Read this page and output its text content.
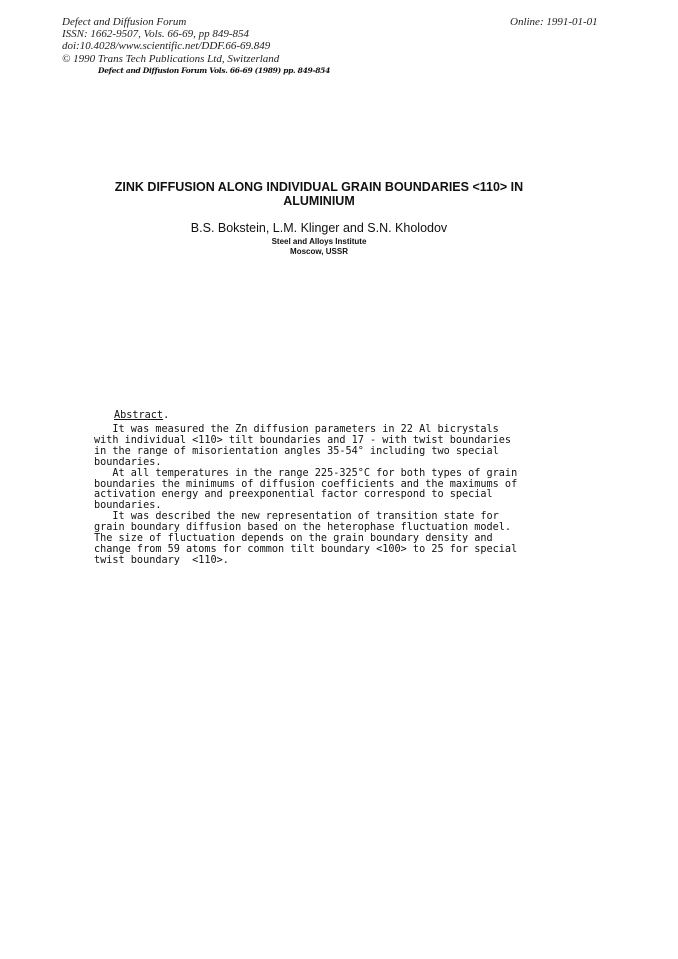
Defect and Diffusion Forum
ISSN: 1662-9507, Vols. 66-69, pp 849-854
doi:10.4028/www.scientific.net/DDF.66-69.849
© 1990 Trans Tech Publications Ltd, Switzerland
Online: 1991-01-01
Defect and Diffusion Forum Vols. 66-69 (1989) pp. 849-854
ZINK DIFFUSION ALONG INDIVIDUAL GRAIN BOUNDARIES <110> IN
ALUMINIUM
B.S. Bokstein, L.M. Klinger and S.N. Kholodov
Steel and Alloys Institute
Moscow, USSR
Abstract.
It was measured the Zn diffusion parameters in 22 Al bicrystals
with individual <110> tilt boundaries and 17 - with twist boundaries
in the range of misorientation angles 35-54° including two special
boundaries.
At all temperatures in the range 225-325°C for both types of grain
boundaries the minimums of diffusion coefficients and the maximums of
activation energy and preexponential factor correspond to special
boundaries.
It was described the new representation of transition state for
grain boundary diffusion based on the heterophase fluctuation model.
The size of fluctuation depends on the grain boundary density and
change from 59 atoms for common tilt boundary <100> to 25 for special
twist boundary  <110>.
